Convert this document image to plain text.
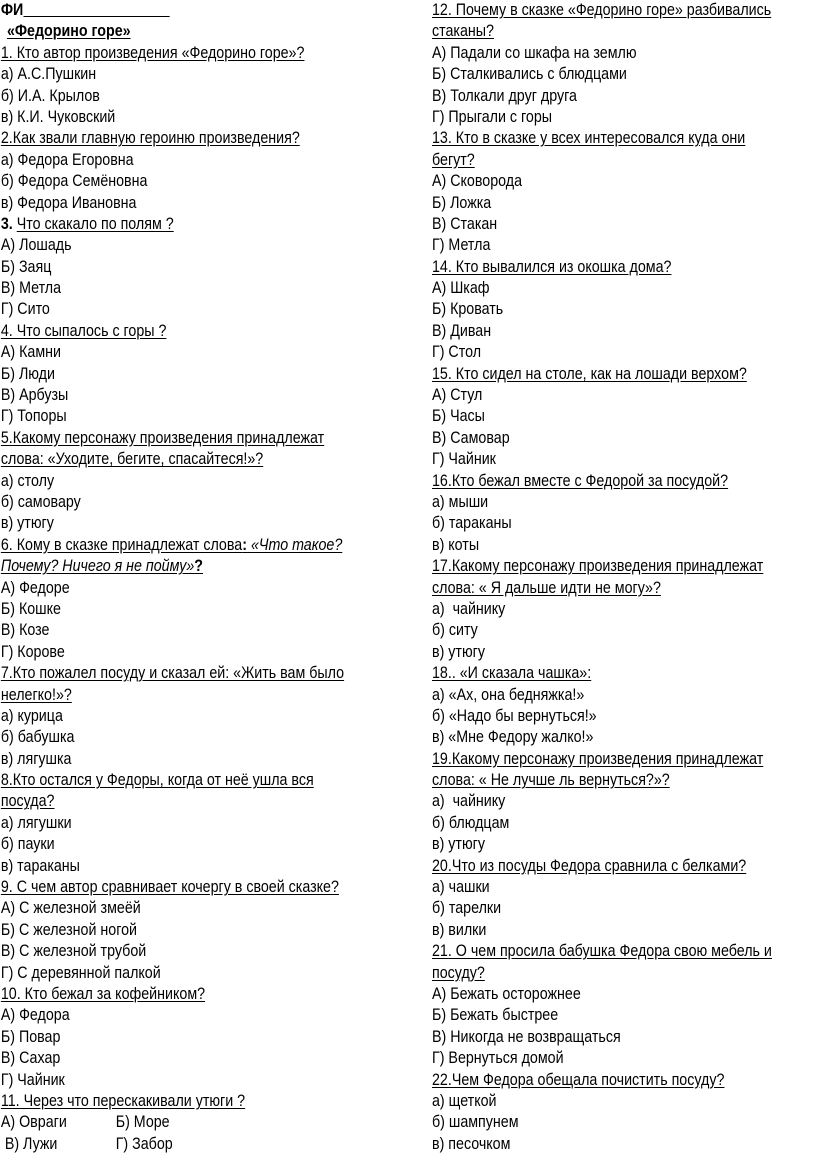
ФИ
«Федорино горе»
1. Кто автор произведения «Федорино горе»?
а) А.С.Пушкин
б) И.А. Крылов
в) К.И. Чуковский
2.Как звали главную героиню произведения?
а) Федора Егоровна
б) Федора Семёновна
в) Федора Ивановна
3. Что скакало по полям ?
А) Лошадь
Б) Заяц
В) Метла
Г) Сито
4. Что сыпалось с горы ?
А) Камни
Б) Люди
В) Арбузы
Г) Топоры
5.Какому персонажу произведения принадлежат
слова: «Уходите, бегите, спасайтеся!»?
а) столу
б) самовару
в) утюгу
6. Кому в сказке принадлежат слова: «Что такое?
Почему? Ничего я не пойму»?
А) Федоре
Б) Кошке
В) Козе
Г) Корове
7.Кто пожалел посуду и сказал ей: «Жить вам было
нелегко!»?
а) курица
б) бабушка
в) лягушка
8.Кто остался у Федоры, когда от неё ушла вся
посуда?
а) лягушки
б) пауки
в) тараканы
9. С чем автор сравнивает кочергу в своей сказке?
А) С железной змеёй
Б) С железной ногой
В) С железной трубой
Г) С деревянной палкой
10. Кто бежал за кофейником?
А) Федора
Б) Повар
В) Сахар
Г) Чайник
11. Через что перескакивали утюги ?
А) Овраги	Б) Море
В) Лужи	Г) Забор
12. Почему в сказке «Федорино горе» разбивались
стаканы?
А) Падали со шкафа на землю
Б) Сталкивались с блюдцами
В) Толкали друг друга
Г) Прыгали с горы
13. Кто в сказке у всех интересовался куда они
бегут?
А) Сковорода
Б) Ложка
В) Стакан
Г) Метла
14. Кто вывалился из окошка дома?
А) Шкаф
Б) Кровать
В) Диван
Г) Стол
15. Кто сидел на столе, как на лошади верхом?
А) Стул
Б) Часы
В) Самовар
Г) Чайник
16.Кто бежал вместе с Федорой за посудой?
а) мыши
б) тараканы
в) коты
17.Какому персонажу произведения принадлежат
слова: « Я дальше идти не могу»?
а)  чайнику
б) ситу
в) утюгу
18.. «И сказала чашка»:
а) «Ах, она бедняжка!»
б) «Надо бы вернуться!»
в) «Мне Федору жалко!»
19.Какому персонажу произведения принадлежат
слова: « Не лучше ль вернуться?»?
а)  чайнику
б) блюдцам
в) утюгу
20.Что из посуды Федора сравнила с белками?
а) чашки
б) тарелки
в) вилки
21. О чем просила бабушка Федора свою мебель и
посуду?
А) Бежать осторожнее
Б) Бежать быстрее
В) Никогда не возвращаться
Г) Вернуться домой
22.Чем Федора обещала почистить посуду?
а) щеткой
б) шампунем
в) песочком
